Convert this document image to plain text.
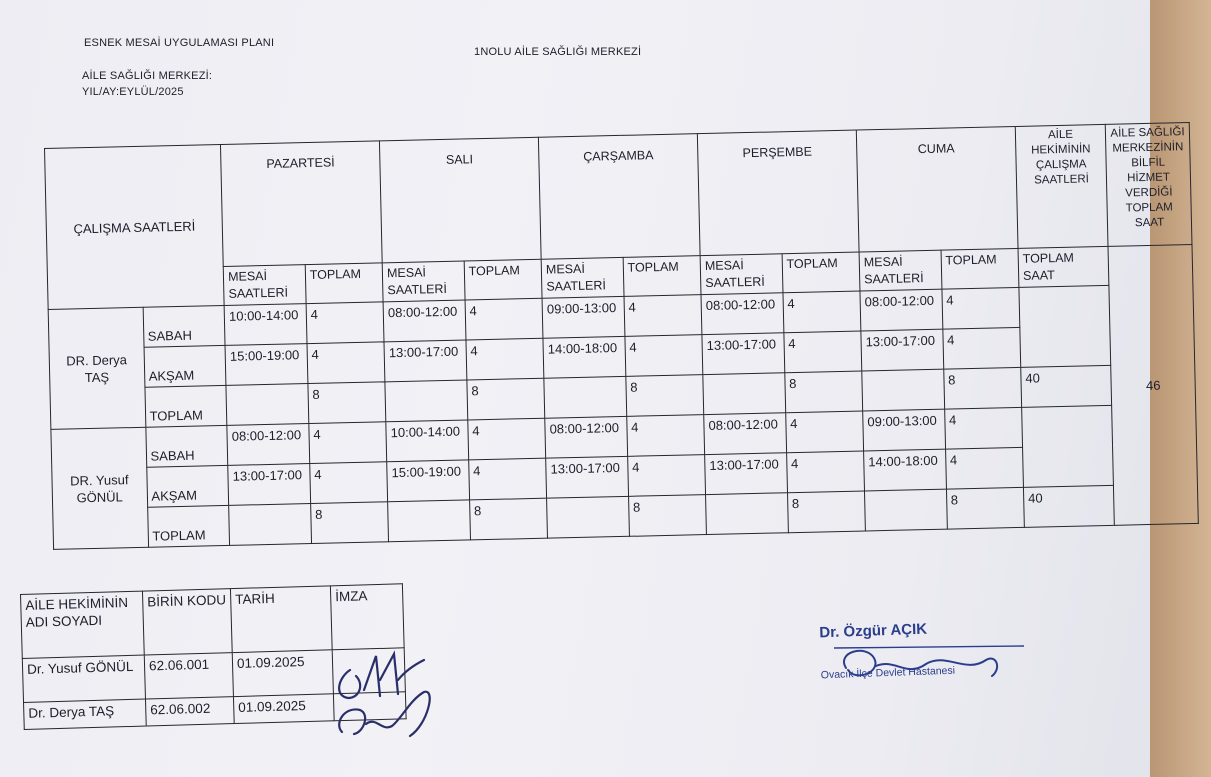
ESNEK MESAİ UYGULAMASI PLANI
1NOLU AİLE SAĞLIĞI MERKEZİ
AİLE SAĞLIĞI MERKEZİ:
YIL/AY:EYLÜL/2025
ÇALIŞMA SAATLERİ		PAZARTESİ		SALI		ÇARŞAMBA		PERŞEMBE		CUMA		AİLE HEKİMİNİN ÇALIŞMA SAATLERİ	AİLE SAĞLIĞI MERKEZİNİN BİLFİL HİZMET VERDİĞİ TOPLAM SAAT
		MESAİ SAATLERİ	TOPLAM	MESAİ SAATLERİ	TOPLAM	MESAİ SAATLERİ	TOPLAM	MESAİ SAATLERİ	TOPLAM	MESAİ SAATLERİ	TOPLAM	TOPLAM SAAT	46
DR. Derya TAŞ	SABAH	10:00-14:00	4	08:00-12:00	4	09:00-13:00	4	08:00-12:00	4	08:00-12:00	4		
	AKŞAM	15:00-19:00	4	13:00-17:00	4	14:00-18:00	4	13:00-17:00	4	13:00-17:00	4		
	TOPLAM		8		8		8		8		8	40	
DR. Yusuf GÖNÜL	SABAH	08:00-12:00	4	10:00-14:00	4	08:00-12:00	4	08:00-12:00	4	09:00-13:00	4		
	AKŞAM	13:00-17:00	4	15:00-19:00	4	13:00-17:00	4	13:00-17:00	4	14:00-18:00	4		
	TOPLAM		8		8		8		8		8	40	
AİLE HEKİMİNİN ADI SOYADI	BİRİN KODU	TARİH	İMZA
Dr. Yusuf GÖNÜL	62.06.001	01.09.2025	
Dr. Derya TAŞ	62.06.002	01.09.2025	
Dr. Özgür AÇIK
Ovacık İlçe Devlet Hastanesi
